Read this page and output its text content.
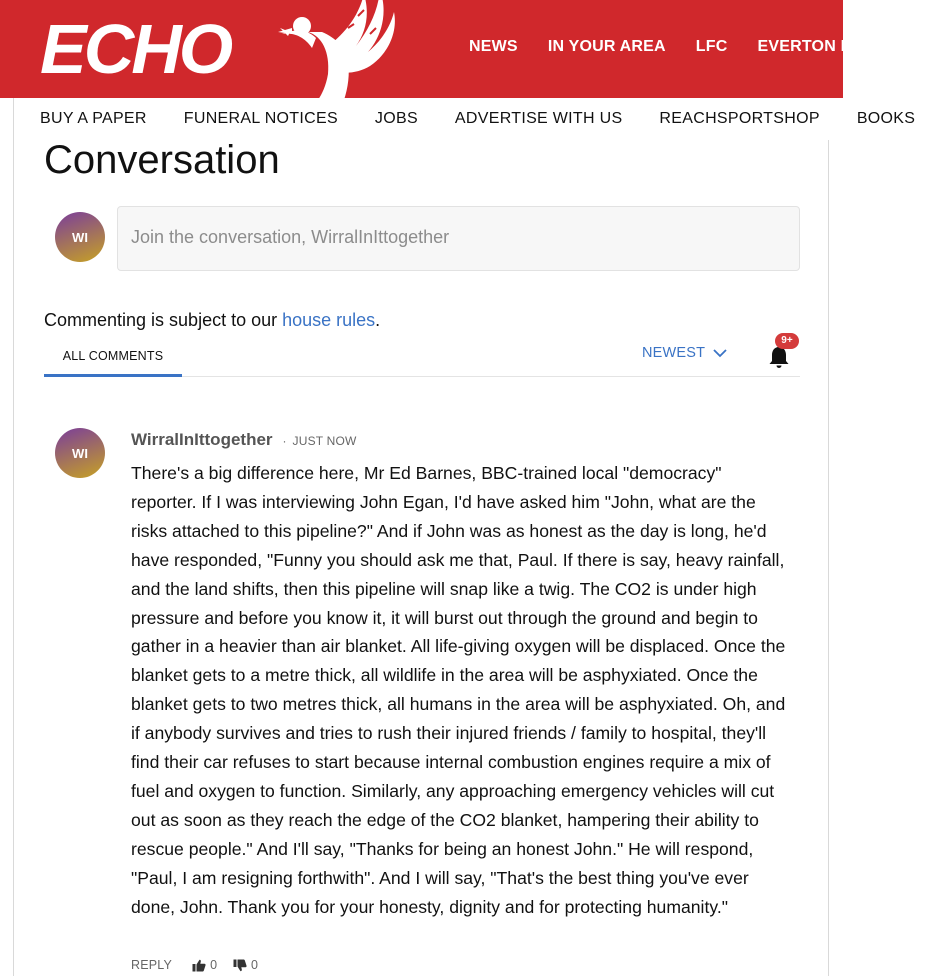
ECHO	NEWS IN YOUR AREA LFC EVERTON FC
BUY A PAPER FUNERAL NOTICES JOBS ADVERTISE WITH US REACHSPORTSHOP BOOKS
Conversation
WI
Join the conversation, WirralInIttogether
Commenting is subject to our house rules.
ALL COMMENTS	NEWEST
9+
WI
WirralInIttogether · JUST NOW

There's a big difference here, Mr Ed Barnes, BBC-trained local "democracy" reporter. If I was interviewing John Egan, I'd have asked him "John, what are the risks attached to this pipeline?" And if John was as honest as the day is long, he'd have responded, "Funny you should ask me that, Paul. If there is say, heavy rainfall, and the land shifts, then this pipeline will snap like a twig. The CO2 is under high pressure and before you know it, it will burst out through the ground and begin to gather in a heavier than air blanket. All life-giving oxygen will be displaced. Once the blanket gets to a metre thick, all wildlife in the area will be asphyxiated. Once the blanket gets to two metres thick, all humans in the area will be asphyxiated. Oh, and if anybody survives and tries to rush their injured friends / family to hospital, they'll find their car refuses to start because internal combustion engines require a mix of fuel and oxygen to function. Similarly, any approaching emergency vehicles will cut out as soon as they reach the edge of the CO2 blanket, hampering their ability to rescue people." And I'll say, "Thanks for being an honest John." He will respond, "Paul, I am resigning forthwith". And I will say, "That's the best thing you've ever done, John. Thank you for your honesty, dignity and for protecting humanity."

REPLY	0	0
